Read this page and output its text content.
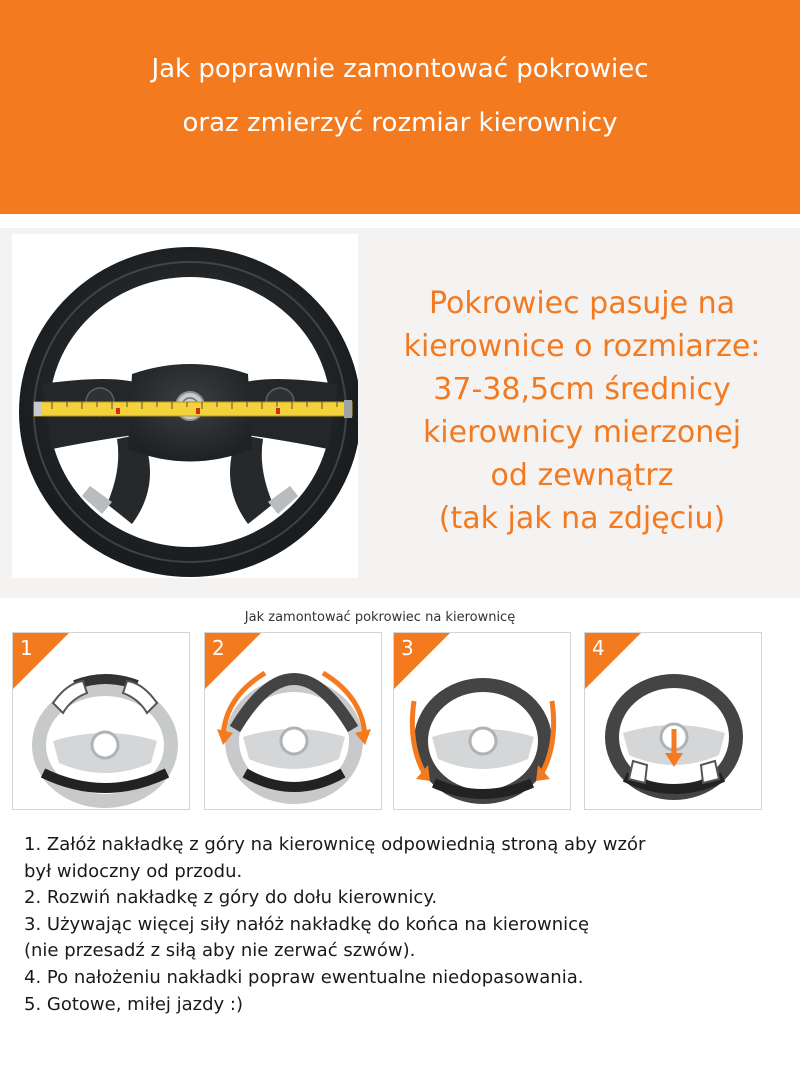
Jak poprawnie zamontować pokrowiec
oraz zmierzyć rozmiar kierownicy
Pokrowiec pasuje na
kierownice o rozmiarze:
37-38,5cm średnicy
kierownicy mierzonej
od zewnątrz
(tak jak na zdjęciu)
Jak zamontować pokrowiec na kierownicę
1	2	3	4
1. Załóż nakładkę z góry na kierownicę odpowiednią stroną aby wzór
był widoczny od przodu.
2. Rozwiń nakładkę z góry do dołu kierownicy.
3. Używając więcej siły nałóż nakładkę do końca na kierownicę
(nie przesadź z siłą aby nie zerwać szwów).
4. Po nałożeniu nakładki popraw ewentualne niedopasowania.
5. Gotowe, miłej jazdy :)
